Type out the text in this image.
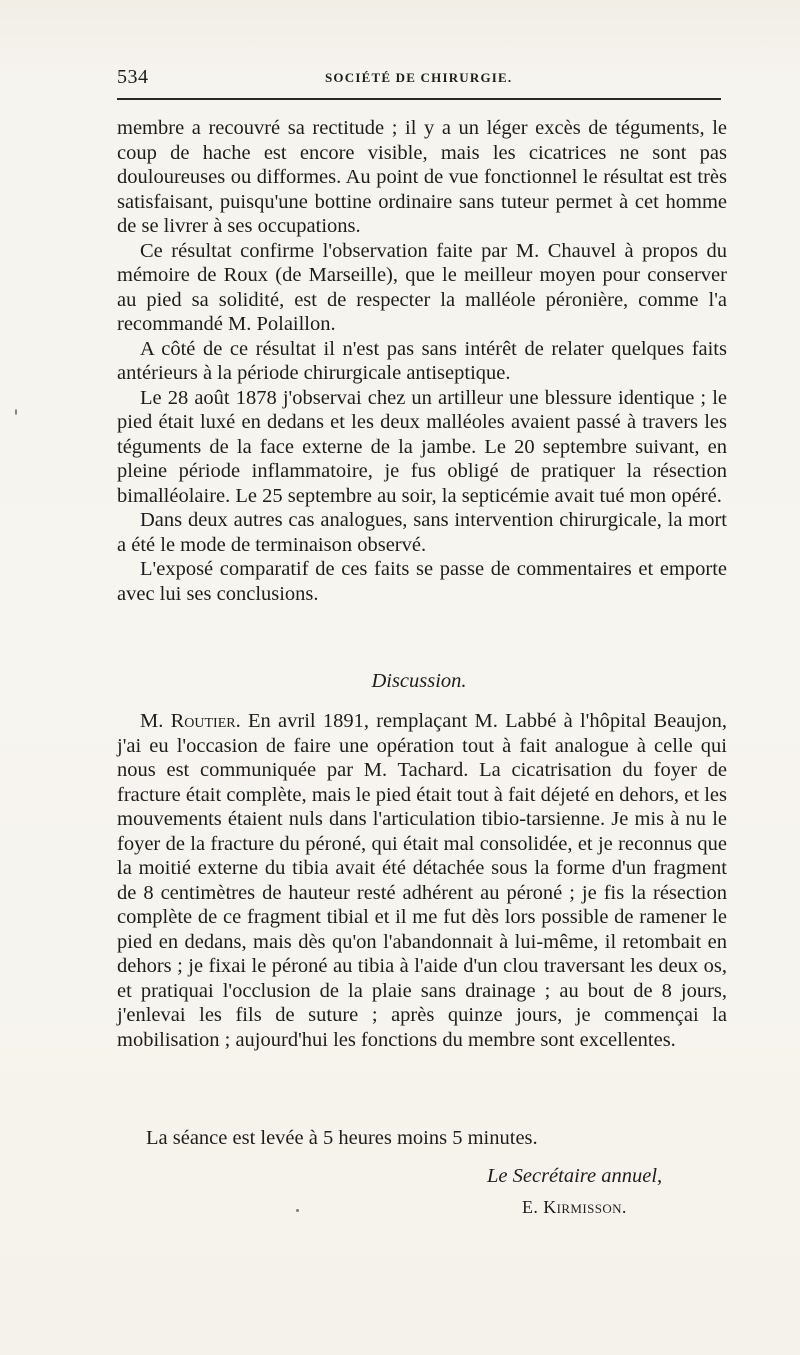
534	SOCIÉTÉ DE CHIRURGIE.

membre a recouvré sa rectitude ; il y a un léger excès de téguments, le coup de hache est encore visible, mais les cicatrices ne sont pas douloureuses ou difformes. Au point de vue fonctionnel le résultat est très satisfaisant, puisqu'une bottine ordinaire sans tuteur permet à cet homme de se livrer à ses occupations.

Ce résultat confirme l'observation faite par M. Chauvel à propos du mémoire de Roux (de Marseille), que le meilleur moyen pour conserver au pied sa solidité, est de respecter la malléole péronière, comme l'a recommandé M. Polaillon.

A côté de ce résultat il n'est pas sans intérêt de relater quelques faits antérieurs à la période chirurgicale antiseptique.

Le 28 août 1878 j'observai chez un artilleur une blessure identique ; le pied était luxé en dedans et les deux malléoles avaient passé à travers les téguments de la face externe de la jambe. Le 20 septembre suivant, en pleine période inflammatoire, je fus obligé de pratiquer la résection bimalléolaire. Le 25 septembre au soir, la septicémie avait tué mon opéré.

Dans deux autres cas analogues, sans intervention chirurgicale, la mort a été le mode de terminaison observé.

L'exposé comparatif de ces faits se passe de commentaires et emporte avec lui ses conclusions.

Discussion.

M. Routier. En avril 1891, remplaçant M. Labbé à l'hôpital Beaujon, j'ai eu l'occasion de faire une opération tout à fait analogue à celle qui nous est communiquée par M. Tachard. La cicatrisation du foyer de fracture était complète, mais le pied était tout à fait déjeté en dehors, et les mouvements étaient nuls dans l'articulation tibio-tarsienne. Je mis à nu le foyer de la fracture du péroné, qui était mal consolidée, et je reconnus que la moitié externe du tibia avait été détachée sous la forme d'un fragment de 8 centimètres de hauteur resté adhérent au péroné ; je fis la résection complète de ce fragment tibial et il me fut dès lors possible de ramener le pied en dedans, mais dès qu'on l'abandonnait à lui-même, il retombait en dehors ; je fixai le péroné au tibia à l'aide d'un clou traversant les deux os, et pratiquai l'occlusion de la plaie sans drainage ; au bout de 8 jours, j'enlevai les fils de suture ; après quinze jours, je commençai la mobilisation ; aujourd'hui les fonctions du membre sont excellentes.

La séance est levée à 5 heures moins 5 minutes.
Le Secrétaire annuel,
E. Kirmisson.
